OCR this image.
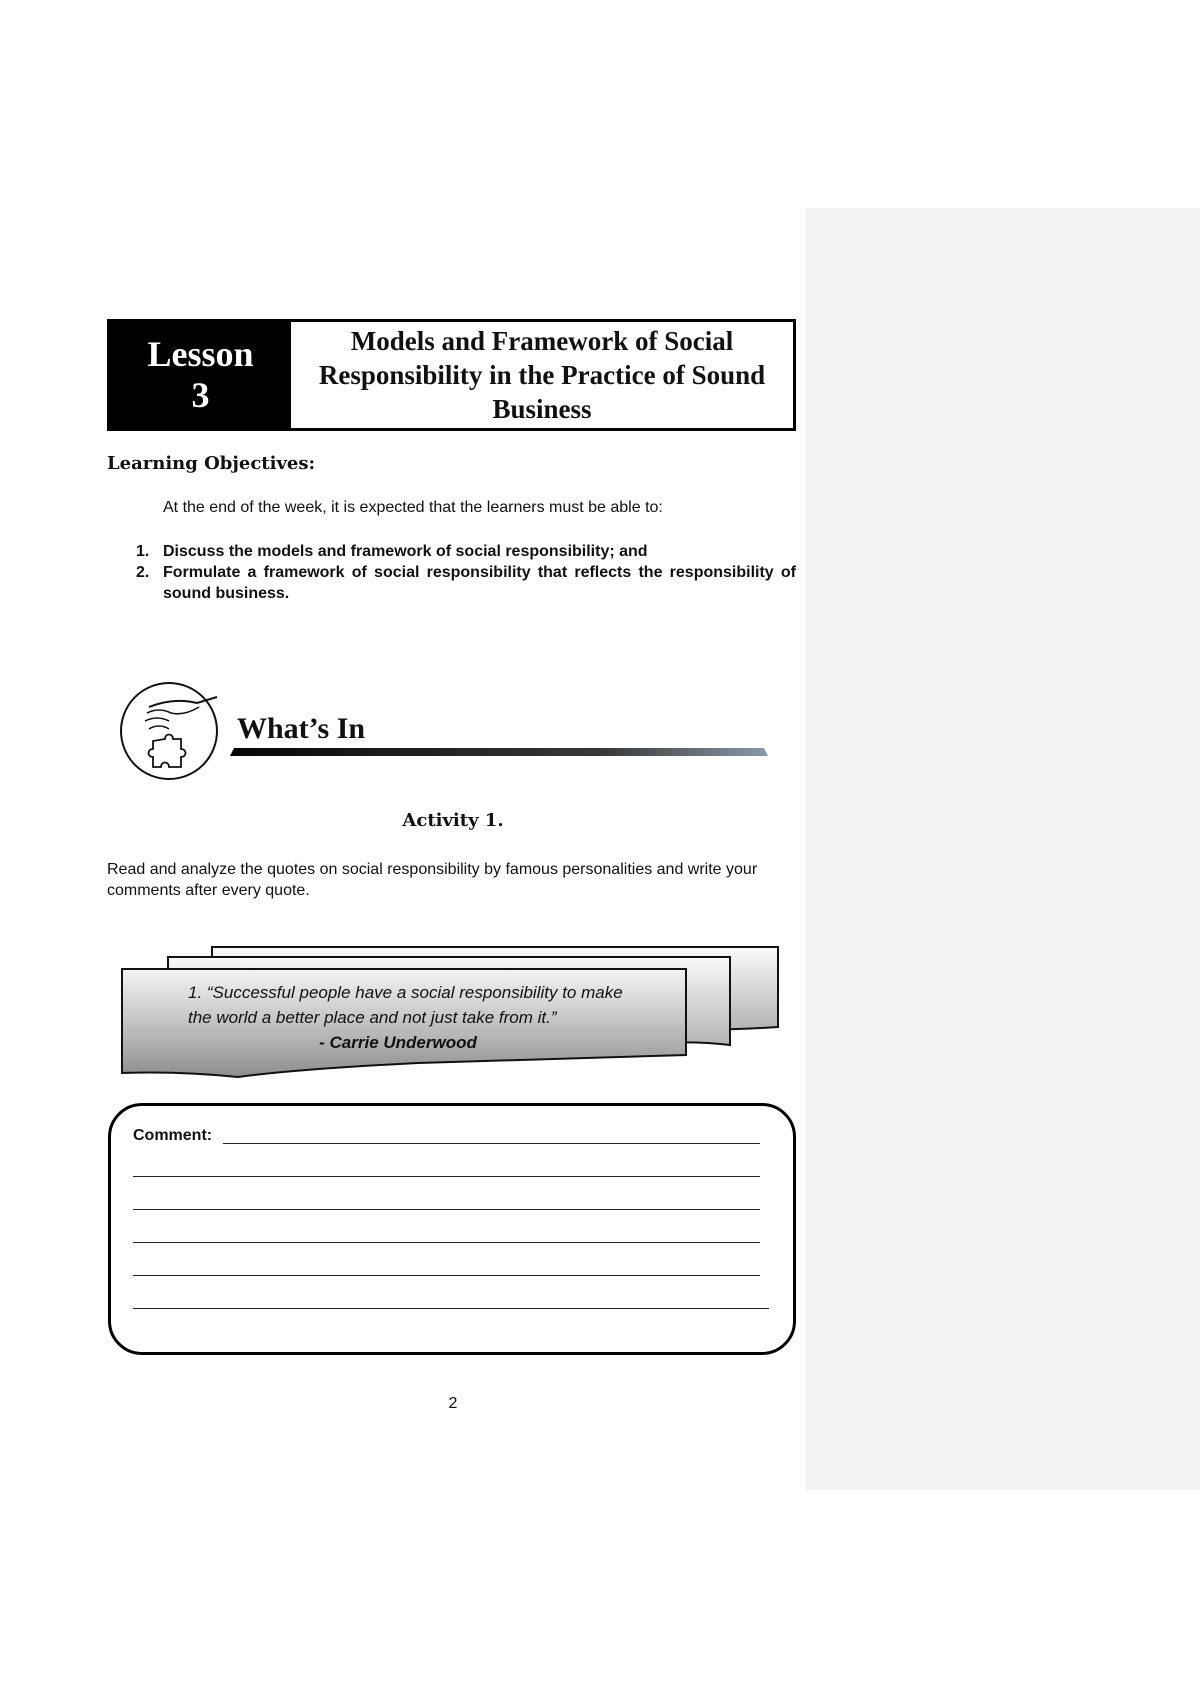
Lesson
3
Models and Framework of Social Responsibility in the Practice of Sound Business
Learning Objectives:
At the end of the week, it is expected that the learners must be able to:
1. Discuss the models and framework of social responsibility; and
2. Formulate a framework of social responsibility that reflects the responsibility of sound business.
What’s In
Activity 1.
Read and analyze the quotes on social responsibility by famous personalities and write your comments after every quote.
1. “Successful people have a social responsibility to make the world a better place and not just take from it.”
- Carrie Underwood
Comment:
2
